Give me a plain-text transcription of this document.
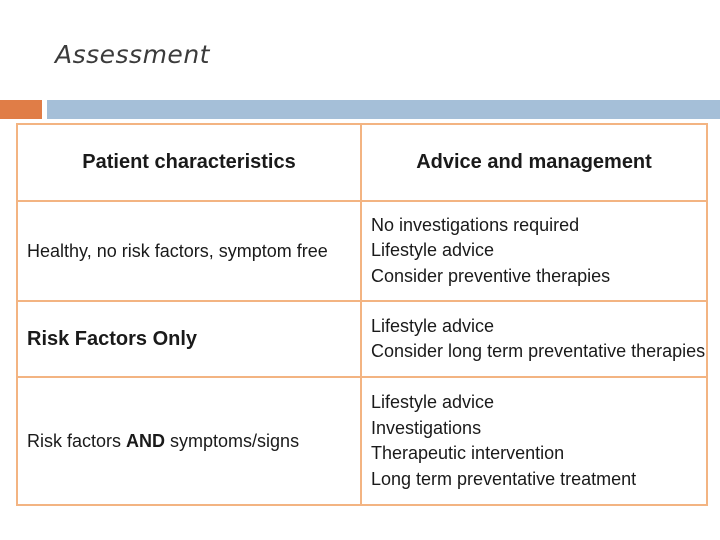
Assessment
Patient characteristics	Advice and management
Healthy, no risk factors, symptom free	No investigations required
Lifestyle advice
Consider preventive therapies

Risk Factors Only	Lifestyle advice
Consider long term preventative therapies

Risk factors AND symptoms/signs	Lifestyle advice
Investigations
Therapeutic intervention
Long term preventative treatment
